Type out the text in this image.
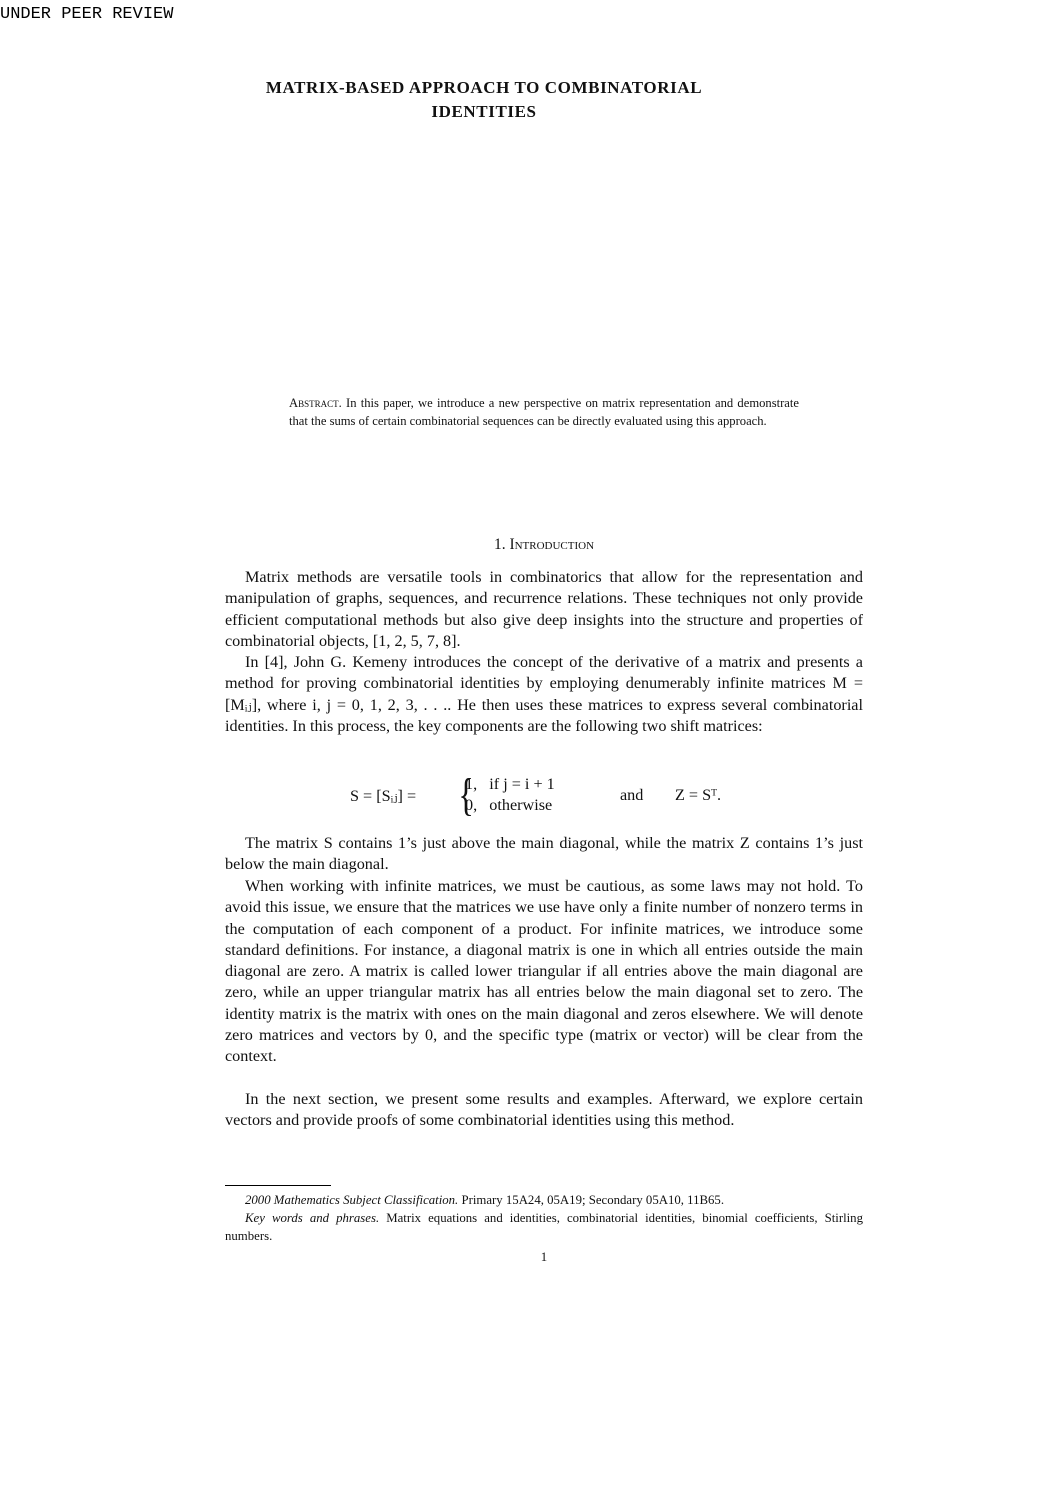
UNDER PEER REVIEW
MATRIX-BASED APPROACH TO COMBINATORIAL
IDENTITIES
Abstract. In this paper, we introduce a new perspective on matrix representation and demonstrate that the sums of certain combinatorial sequences can be directly evaluated using this approach.
1. Introduction

Matrix methods are versatile tools in combinatorics that allow for the representation and manipulation of graphs, sequences, and recurrence relations. These techniques not only provide efficient computational methods but also give deep insights into the structure and properties of combinatorial objects, [1, 2, 5, 7, 8].

In [4], John G. Kemeny introduces the concept of the derivative of a matrix and presents a method for proving combinatorial identities by employing denumerably infinite matrices M = [Mᵢⱼ], where i, j = 0, 1, 2, 3, . . .. He then uses these matrices to express several combinatorial identities. In this process, the key components are the following two shift matrices:

S = [Sᵢⱼ] = {
1,   if j = i + 1
0,   otherwise
and Z = Sᵀ.

The matrix S contains 1’s just above the main diagonal, while the matrix Z contains 1’s just below the main diagonal.

When working with infinite matrices, we must be cautious, as some laws may not hold. To avoid this issue, we ensure that the matrices we use have only a finite number of nonzero terms in the computation of each component of a product. For infinite matrices, we introduce some standard definitions. For instance, a diagonal matrix is one in which all entries outside the main diagonal are zero. A matrix is called lower triangular if all entries above the main diagonal are zero, while an upper triangular matrix has all entries below the main diagonal set to zero. The identity matrix is the matrix with ones on the main diagonal and zeros elsewhere. We will denote zero matrices and vectors by 0, and the specific type (matrix or vector) will be clear from the context.

In the next section, we present some results and examples. Afterward, we explore certain vectors and provide proofs of some combinatorial identities using this method.

2000 Mathematics Subject Classification. Primary 15A24, 05A19; Secondary 05A10, 11B65.
Key words and phrases. Matrix equations and identities, combinatorial identities, binomial coefficients, Stirling numbers.
1
